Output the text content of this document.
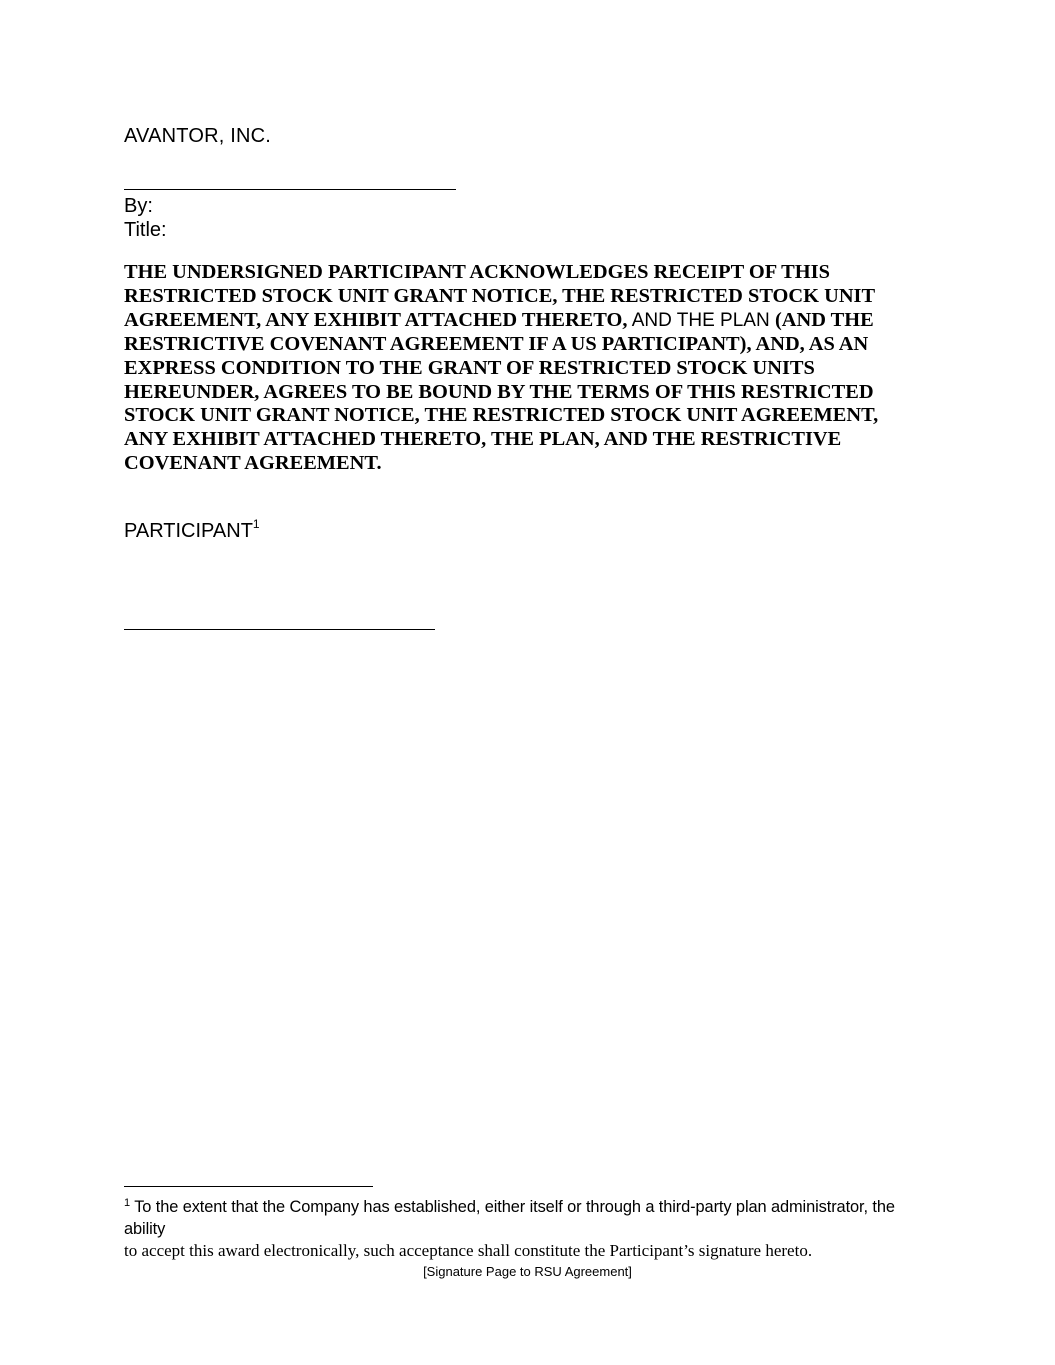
AVANTOR, INC.
By:
Title:

THE UNDERSIGNED PARTICIPANT ACKNOWLEDGES RECEIPT OF THIS RESTRICTED STOCK UNIT GRANT NOTICE, THE RESTRICTED STOCK UNIT AGREEMENT, ANY EXHIBIT ATTACHED THERETO, AND THE PLAN (AND THE RESTRICTIVE COVENANT AGREEMENT IF A US PARTICIPANT), AND, AS AN EXPRESS CONDITION TO THE GRANT OF RESTRICTED STOCK UNITS HEREUNDER, AGREES TO BE BOUND BY THE TERMS OF THIS RESTRICTED STOCK UNIT GRANT NOTICE, THE RESTRICTED STOCK UNIT AGREEMENT, ANY EXHIBIT ATTACHED THERETO, THE PLAN, AND THE RESTRICTIVE COVENANT AGREEMENT.

PARTICIPANT$^1$

$^1$ To the extent that the Company has established, either itself or through a third-party plan administrator, the ability
to accept this award electronically, such acceptance shall constitute the Participant’s signature hereto.

[Signature Page to RSU Agreement]
